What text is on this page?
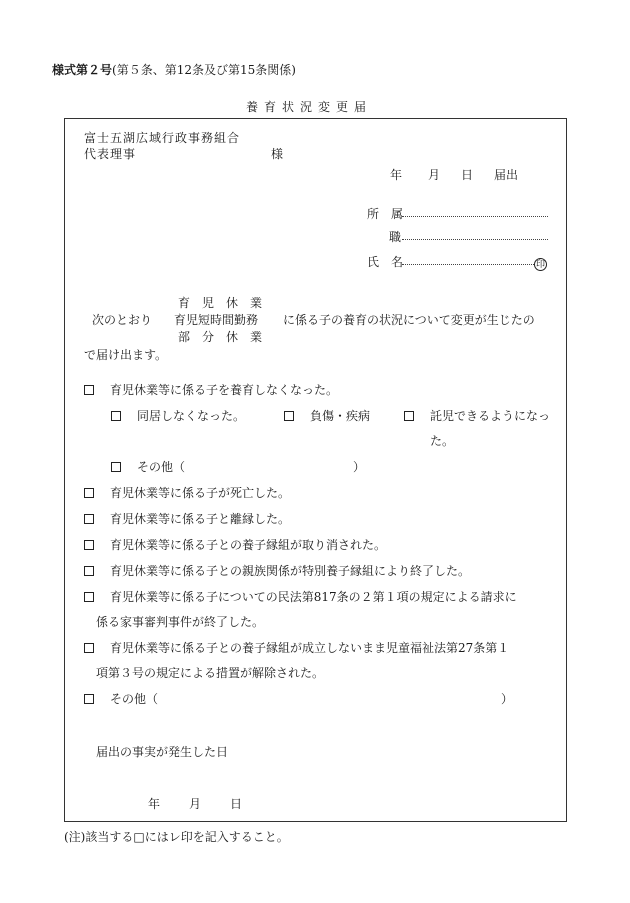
様式第２号(第５条、第12条及び第15条関係)
養育状況変更届
富士五湖広域行政事務組合
代表理事	様
年 月 日 届出
所　属
職
氏　名	印
育　児　休　業
次のとおり 育児短時間勤務 に係る子の養育の状況について変更が生じたの
部　分　休　業
で届け出ます。
育児休業等に係る子を養育しなくなった。
同居しなくなった。	負傷・疾病	託児できるようになっ
た。
その他（	）
育児休業等に係る子が死亡した。
育児休業等に係る子と離縁した。
育児休業等に係る子との養子縁組が取り消された。
育児休業等に係る子との親族関係が特別養子縁組により終了した。
育児休業等に係る子についての民法第817条の２第１項の規定による請求に
係る家事審判事件が終了した。
育児休業等に係る子との養子縁組が成立しないまま児童福祉法第27条第１
項第３号の規定による措置が解除された。
その他（	）
届出の事実が発生した日
年 月 日
(注)該当する□にはレ印を記入すること。
